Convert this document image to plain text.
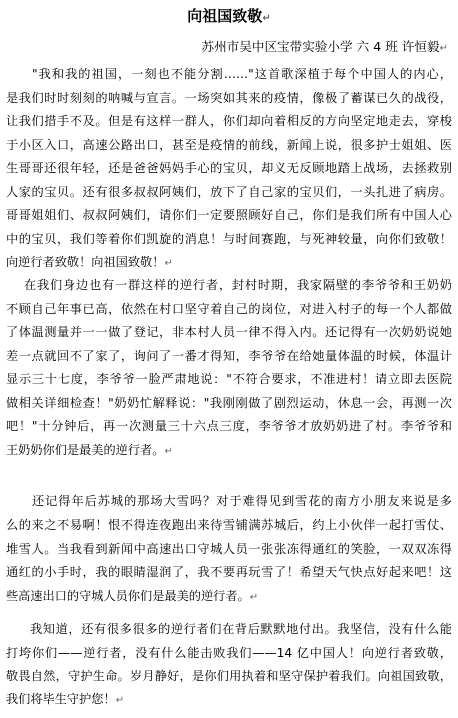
向祖国致敬↵
苏州市吴中区宝带实验小学 六 4 班 许恒毅↵
"我和我的祖国，一刻也不能分割……"这首歌深植于每个中国人的内心，
是我们时时刻刻的呐喊与宣言。一场突如其来的疫情，像极了蓄谋已久的战役，
让我们措手不及。但是有这样一群人，你们却向着相反的方向坚定地走去，穿梭
于小区入口，高速公路出口，甚至是疫情的前线，新闻上说，很多护士姐姐、医
生哥哥还很年轻，还是爸爸妈妈手心的宝贝，却义无反顾地踏上战场，去拯救别
人家的宝贝。还有很多叔叔阿姨们，放下了自己家的宝贝们，一头扎进了病房。
哥哥姐姐们、叔叔阿姨们，请你们一定要照顾好自己，你们是我们所有中国人心
中的宝贝，我们等着你们凯旋的消息！与时间赛跑，与死神较量，向你们致敬！
向逆行者致敬！向祖国致敬！↵
在我们身边也有一群这样的逆行者，封村时期，我家隔壁的李爷爷和王奶奶
不顾自己年事已高，依然在村口坚守着自己的岗位，对进入村子的每一个人都做
了体温测量并一一做了登记，非本村人员一律不得入内。还记得有一次奶奶说她
差一点就回不了家了，询问了一番才得知，李爷爷在给她量体温的时候，体温计
显示三十七度，李爷爷一脸严肃地说："不符合要求，不准进村！请立即去医院
做相关详细检查！"奶奶忙解释说："我刚刚做了剧烈运动，休息一会，再测一次
吧！"十分钟后，再一次测量三十六点三度，李爷爷才放奶奶进了村。李爷爷和
王奶奶你们是最美的逆行者。↵
还记得年后苏城的那场大雪吗？对于难得见到雪花的南方小朋友来说是多
么的来之不易啊！恨不得连夜跑出来待雪铺满苏城后，约上小伙伴一起打雪仗、
堆雪人。当我看到新闻中高速出口守城人员一张张冻得通红的笑脸，一双双冻得
通红的小手时，我的眼睛湿润了，我不要再玩雪了！希望天气快点好起来吧！这
些高速出口的守城人员你们是最美的逆行者。↵
我知道，还有很多很多的逆行者们在背后默默地付出。我坚信，没有什么能
打垮你们——逆行者，没有什么能击败我们——14 亿中国人！向逆行者致敬，
敬畏自然，守护生命。岁月静好，是你们用执着和坚守保护着我们。向祖国致敬，
我们将毕生守护您！↵
